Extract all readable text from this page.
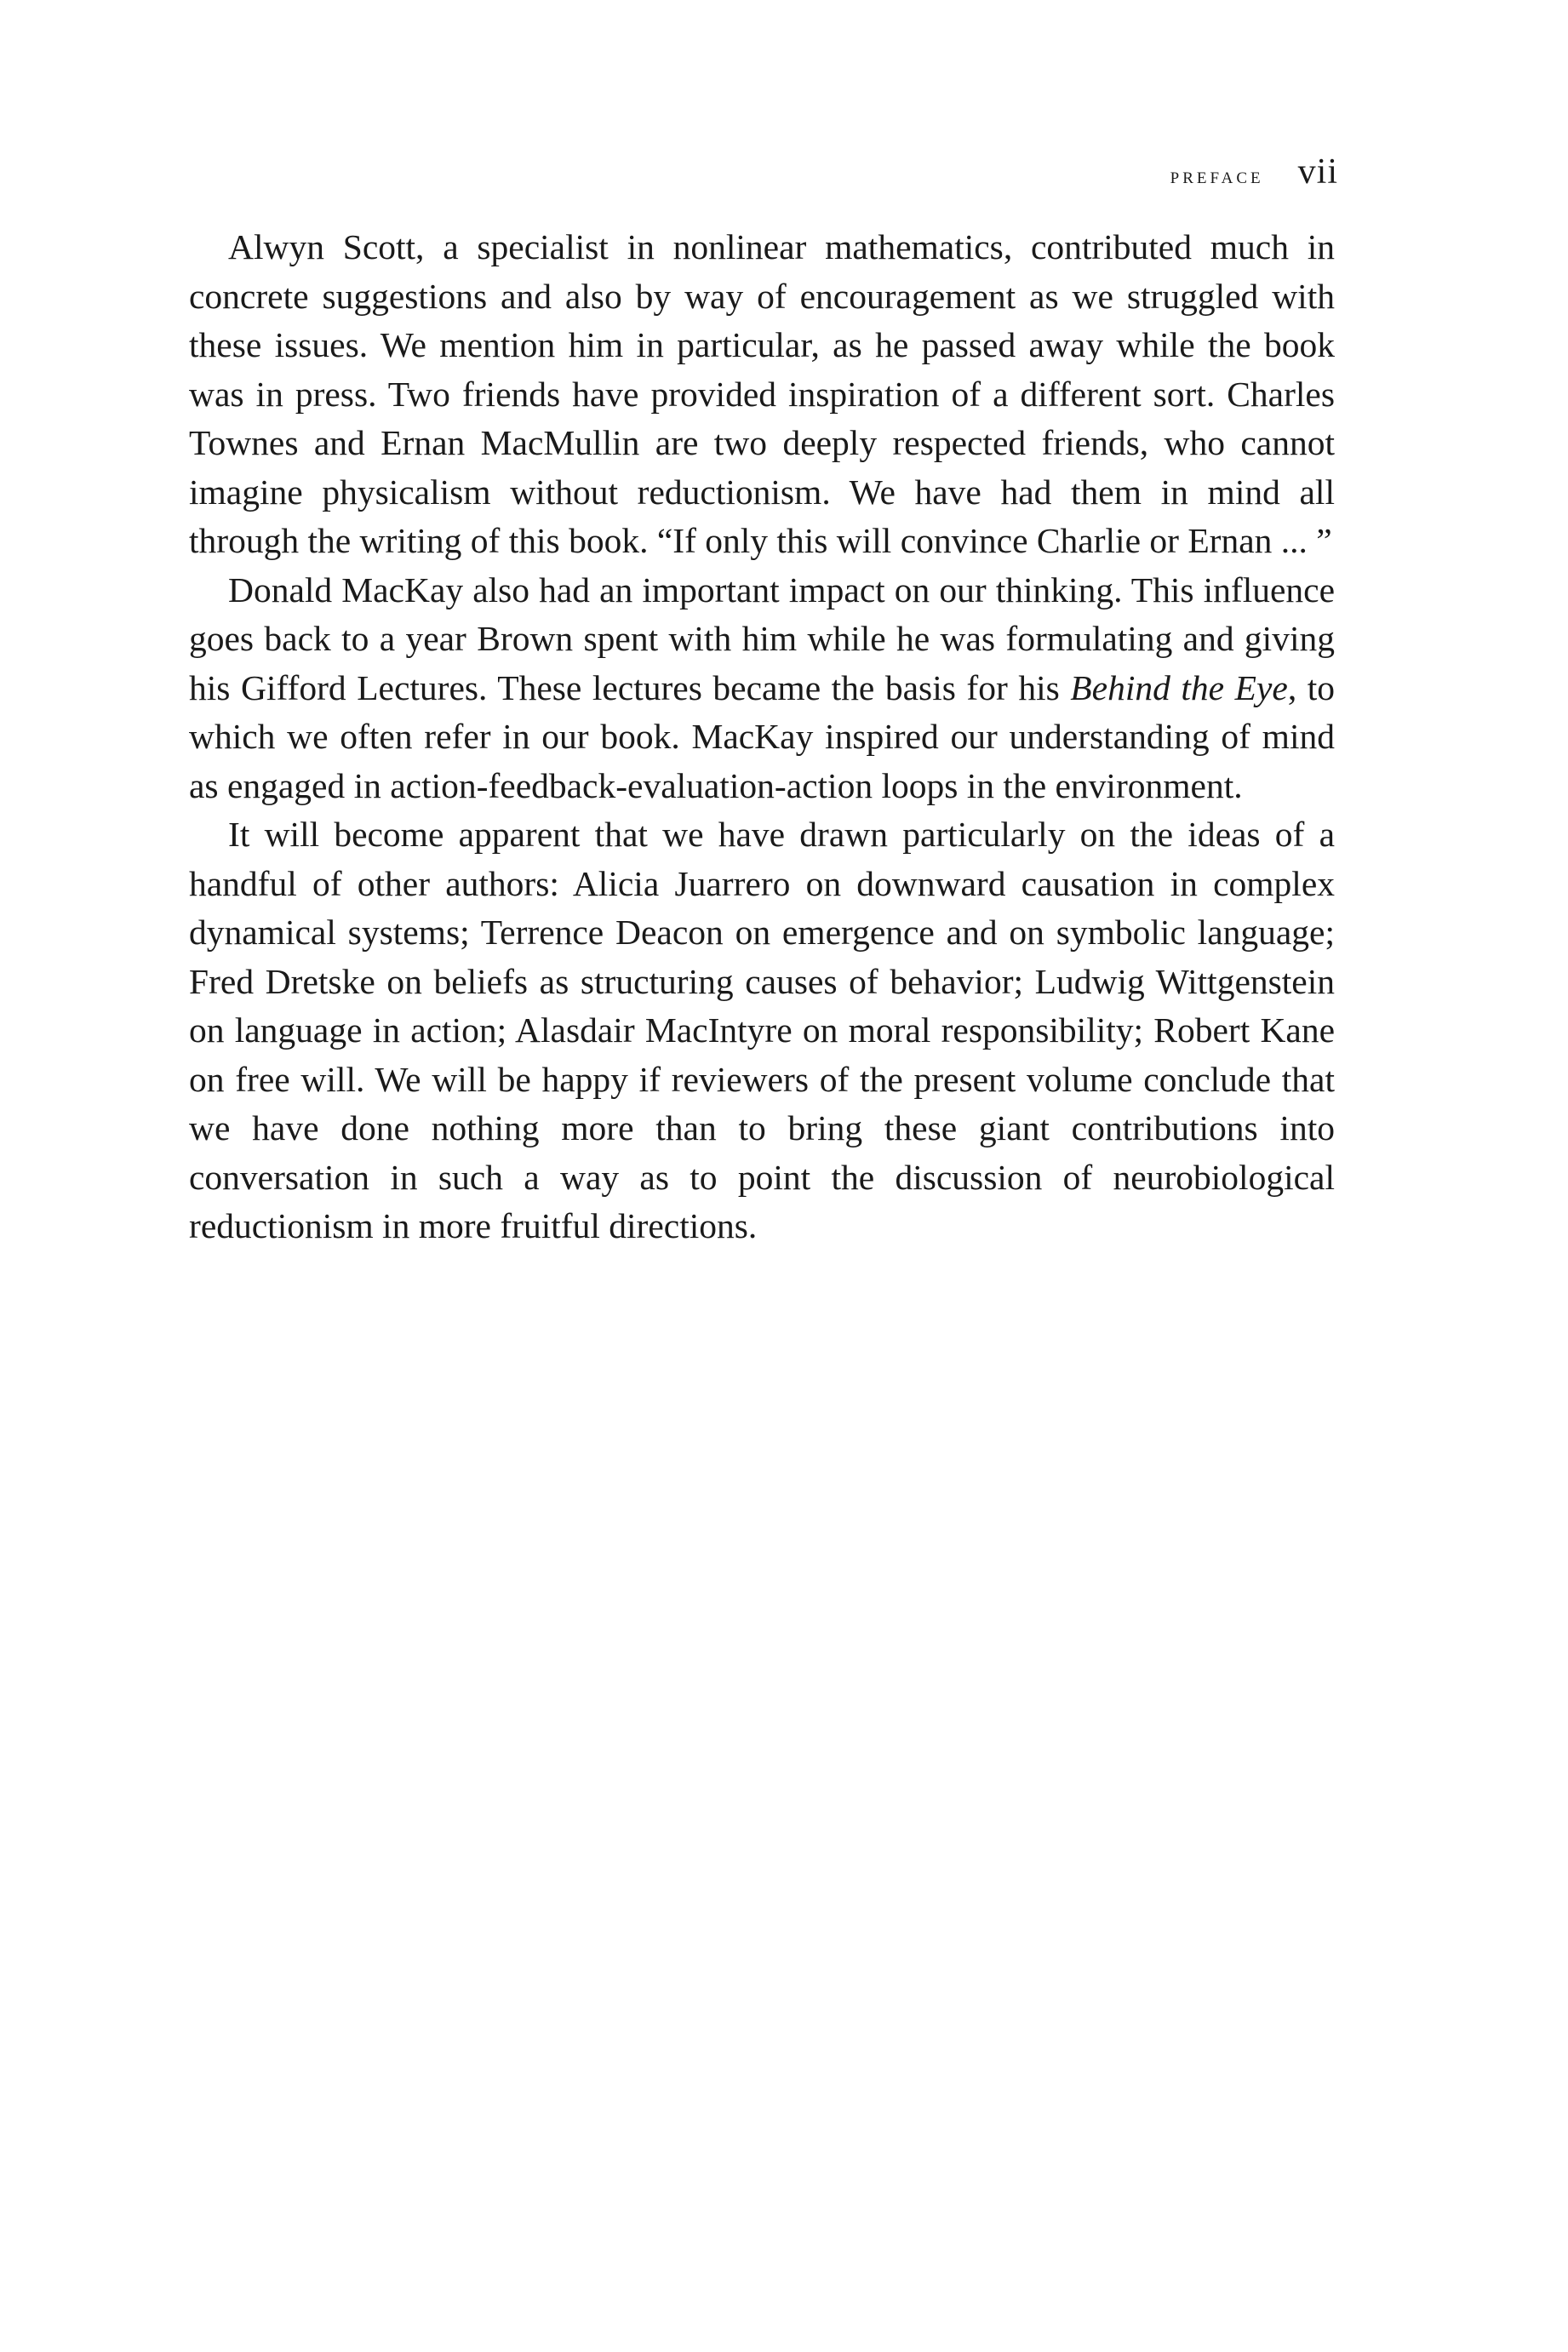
preface vii

Alwyn Scott, a specialist in nonlinear mathematics, contributed much in concrete suggestions and also by way of encouragement as we struggled with these issues. We mention him in particular, as he passed away while the book was in press. Two friends have provided inspiration of a different sort. Charles Townes and Ernan MacMullin are two deeply respected friends, who cannot imagine physicalism without reductionism. We have had them in mind all through the writing of this book. “If only this will convince Charlie or Ernan ... ”

Donald MacKay also had an important impact on our thinking. This influence goes back to a year Brown spent with him while he was formulating and giving his Gifford Lectures. These lectures became the basis for his Behind the Eye, to which we often refer in our book. MacKay inspired our understanding of mind as engaged in action-feedback-evaluation-action loops in the environment.

It will become apparent that we have drawn particularly on the ideas of a handful of other authors: Alicia Juarrero on downward causation in complex dynamical systems; Terrence Deacon on emergence and on symbolic language; Fred Dretske on beliefs as structuring causes of behavior; Ludwig Wittgenstein on language in action; Alasdair MacIntyre on moral responsibility; Robert Kane on free will. We will be happy if reviewers of the present volume conclude that we have done nothing more than to bring these giant contributions into conversation in such a way as to point the discussion of neurobiological reductionism in more fruitful directions.
